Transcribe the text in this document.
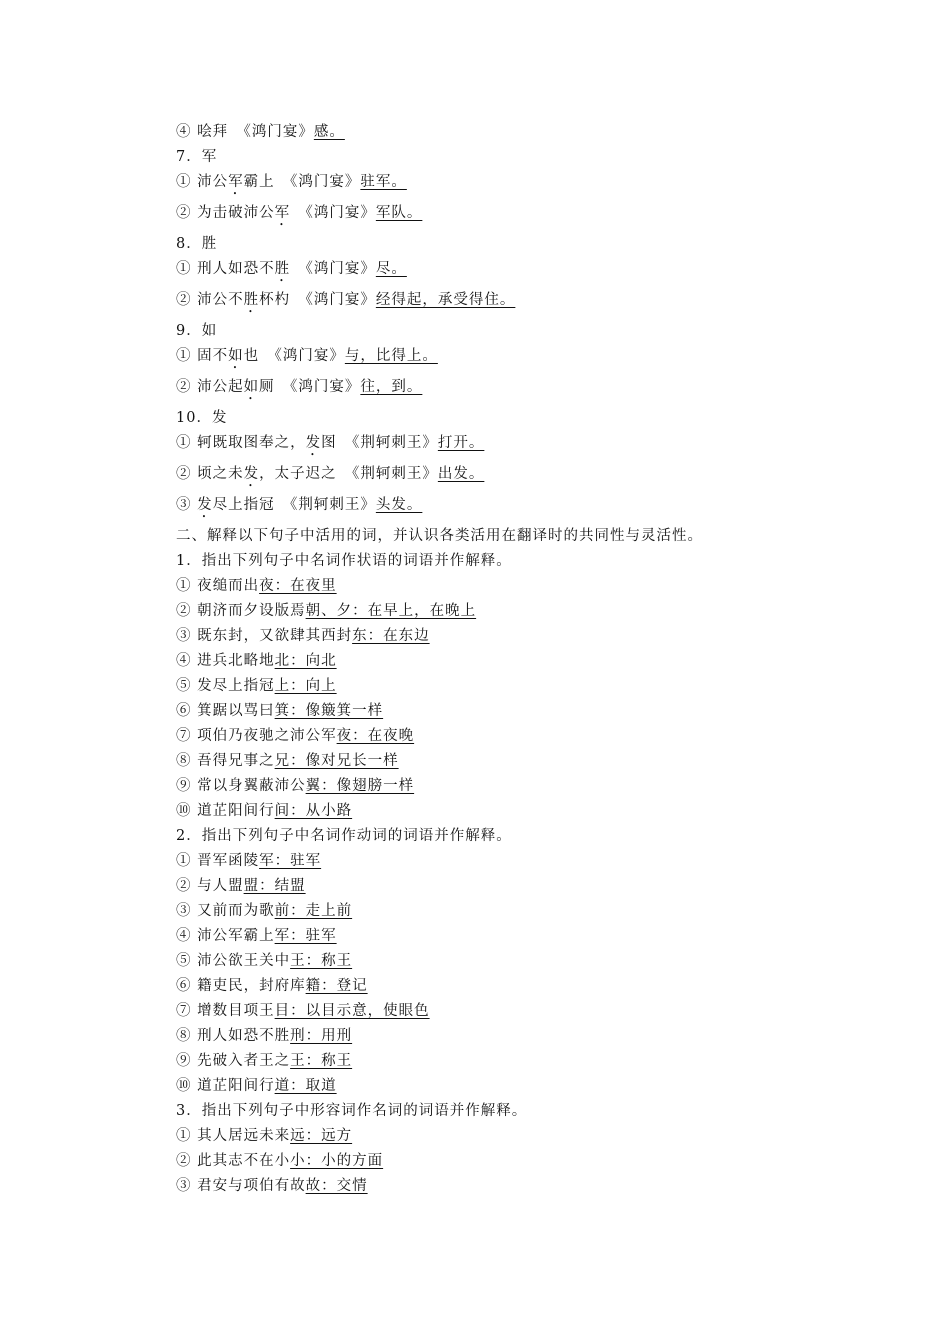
④ 哙拜　《鸿门宴》感。
7．军
① 沛公军霸上　《鸿门宴》驻军。
② 为击破沛公军　《鸿门宴》军队。
8．胜
① 刑人如恐不胜　《鸿门宴》尽。
② 沛公不胜杯杓　《鸿门宴》经得起，承受得住。
9．如
① 固不如也　《鸿门宴》与，比得上。
② 沛公起如厕　《鸿门宴》往，到。
10．发
① 轲既取图奉之，发图　《荆轲刺王》打开。
② 顷之未发，太子迟之　《荆轲刺王》出发。
③ 发尽上指冠　《荆轲刺王》头发。
二、解释以下句子中活用的词，并认识各类活用在翻译时的共同性与灵活性。
1．指出下列句子中名词作状语的词语并作解释。
① 夜缒而出夜：在夜里
② 朝济而夕设版焉朝、夕：在早上，在晚上
③ 既东封，又欲肆其西封东：在东边
④ 进兵北略地北：向北
⑤ 发尽上指冠上：向上
⑥ 箕踞以骂曰箕：像簸箕一样
⑦ 项伯乃夜驰之沛公军夜：在夜晚
⑧ 吾得兄事之兄：像对兄长一样
⑨ 常以身翼蔽沛公翼：像翅膀一样
⑩ 道芷阳间行间：从小路
2．指出下列句子中名词作动词的词语并作解释。
① 晋军函陵军：驻军
② 与人盟盟：结盟
③ 又前而为歌前：走上前
④ 沛公军霸上军：驻军
⑤ 沛公欲王关中王：称王
⑥ 籍吏民，封府库籍：登记
⑦ 增数目项王目：以目示意，使眼色
⑧ 刑人如恐不胜刑：用刑
⑨ 先破入者王之王：称王
⑩ 道芷阳间行道：取道
3．指出下列句子中形容词作名词的词语并作解释。
① 其人居远未来远：远方
② 此其志不在小小：小的方面
③ 君安与项伯有故故：交情
